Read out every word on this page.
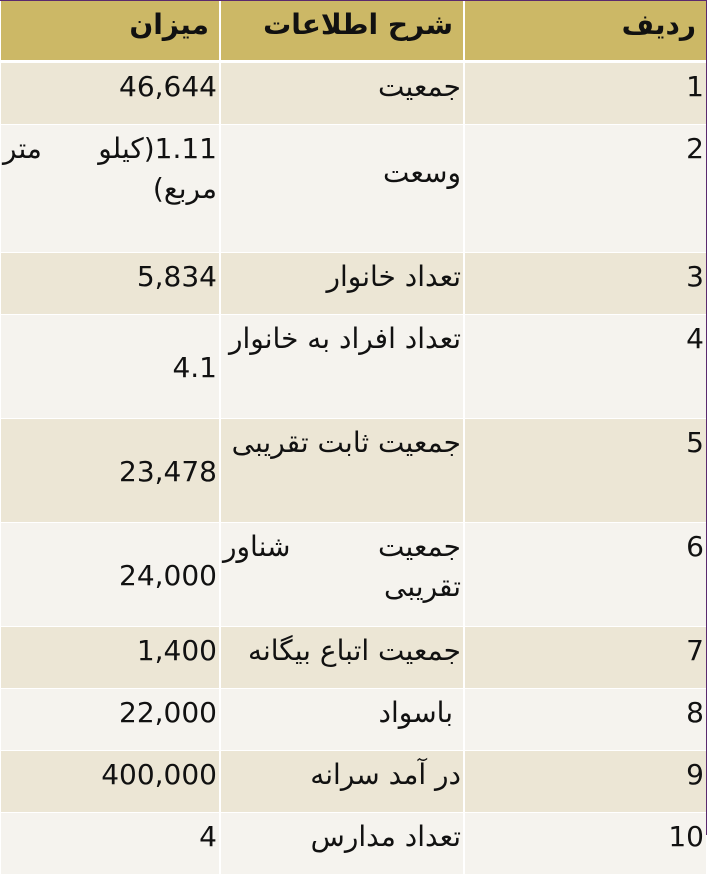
ردیف	شرح اطلاعات	میزان
1	جمعیت	46,644
2	وسعت	1.11(کیلو متر مربع)
3	تعداد خانوار	5,834
4	تعداد افراد به خانوار	4.1
5	جمعیت ثابت تقریبی	23,478
6	جمعیت شناور تقریبی	24,000
7	جمعیت اتباع بیگانه	1,400
8	باسواد	22,000
9	در آمد سرانه	400,000
10	تعداد مدارس	4
